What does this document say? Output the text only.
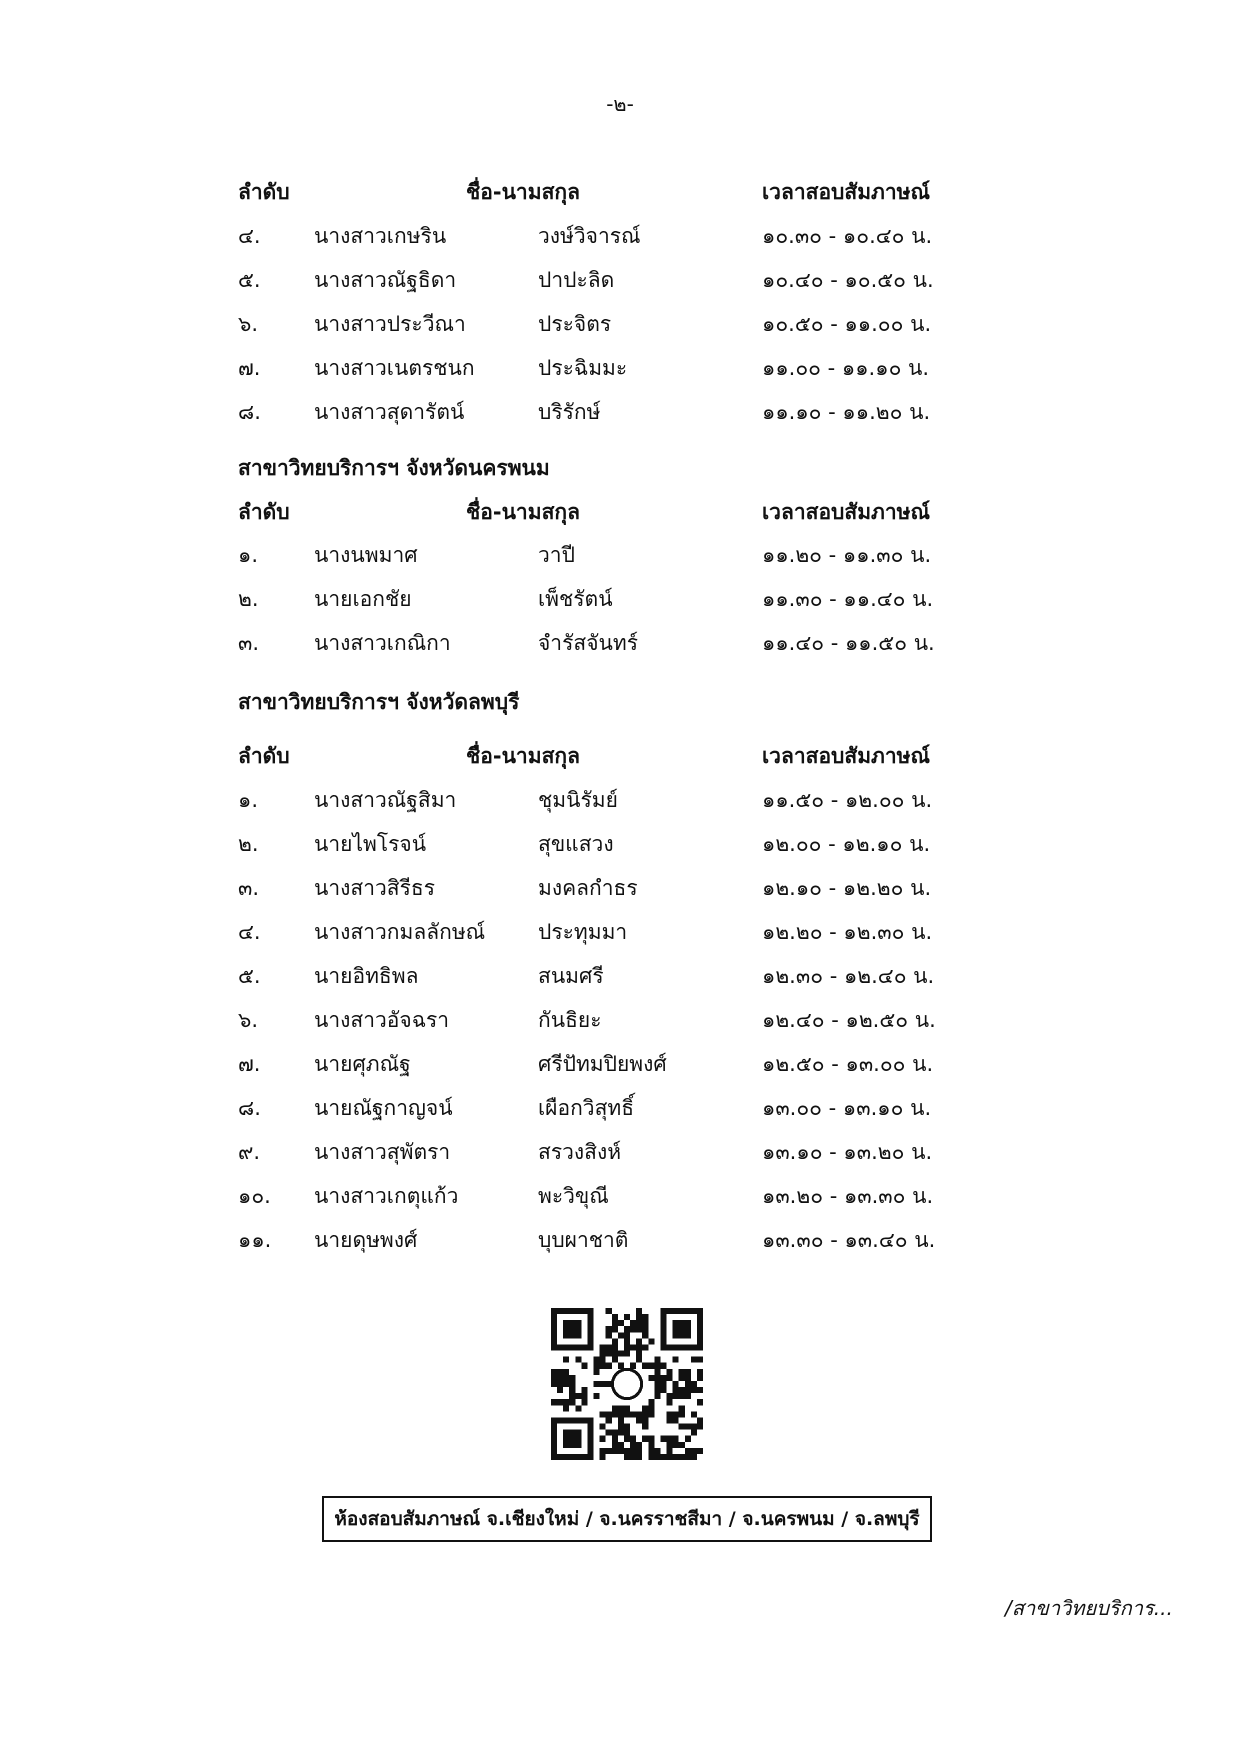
-๒-
ลำดับ	ชื่อ-นามสกุล	เวลาสอบสัมภาษณ์
๔.	นางสาวเกษริน	วงษ์วิจารณ์	๑๐.๓๐ - ๑๐.๔๐ น.
๕.	นางสาวณัฐธิดา	ปาปะลิด	๑๐.๔๐ - ๑๐.๕๐ น.
๖.	นางสาวประวีณา	ประจิตร	๑๐.๕๐ - ๑๑.๐๐ น.
๗.	นางสาวเนตรชนก	ประฉิมมะ	๑๑.๐๐ - ๑๑.๑๐ น.
๘.	นางสาวสุดารัตน์	บริรักษ์	๑๑.๑๐ - ๑๑.๒๐ น.
สาขาวิทยบริการฯ จังหวัดนครพนม
ลำดับ	ชื่อ-นามสกุล	เวลาสอบสัมภาษณ์
๑.	นางนพมาศ	วาปี	๑๑.๒๐ - ๑๑.๓๐ น.
๒.	นายเอกชัย	เพ็ชรัตน์	๑๑.๓๐ - ๑๑.๔๐ น.
๓.	นางสาวเกณิกา	จำรัสจันทร์	๑๑.๔๐ - ๑๑.๕๐ น.
สาขาวิทยบริการฯ จังหวัดลพบุรี
ลำดับ	ชื่อ-นามสกุล	เวลาสอบสัมภาษณ์
๑.	นางสาวณัฐสิมา	ชุมนิรัมย์	๑๑.๕๐ - ๑๒.๐๐ น.
๒.	นายไพโรจน์	สุขแสวง	๑๒.๐๐ - ๑๒.๑๐ น.
๓.	นางสาวสิรีธร	มงคลกำธร	๑๒.๑๐ - ๑๒.๒๐ น.
๔.	นางสาวกมลลักษณ์	ประทุมมา	๑๒.๒๐ - ๑๒.๓๐ น.
๕.	นายอิทธิพล	สนมศรี	๑๒.๓๐ - ๑๒.๔๐ น.
๖.	นางสาวอัจฉรา	กันธิยะ	๑๒.๔๐ - ๑๒.๕๐ น.
๗.	นายศุภณัฐ	ศรีปัทมปิยพงศ์	๑๒.๕๐ - ๑๓.๐๐ น.
๘.	นายณัฐกาญจน์	เผือกวิสุทธิ์	๑๓.๐๐ - ๑๓.๑๐ น.
๙.	นางสาวสุพัตรา	สรวงสิงห์	๑๓.๑๐ - ๑๓.๒๐ น.
๑๐.	นางสาวเกตุแก้ว	พะวิขุณี	๑๓.๒๐ - ๑๓.๓๐ น.
๑๑.	นายดุษพงศ์	บุบผาชาติ	๑๓.๓๐ - ๑๓.๔๐ น.
ห้องสอบสัมภาษณ์ จ.เชียงใหม่ / จ.นครราชสีมา / จ.นครพนม / จ.ลพบุรี
/สาขาวิทยบริการ...
